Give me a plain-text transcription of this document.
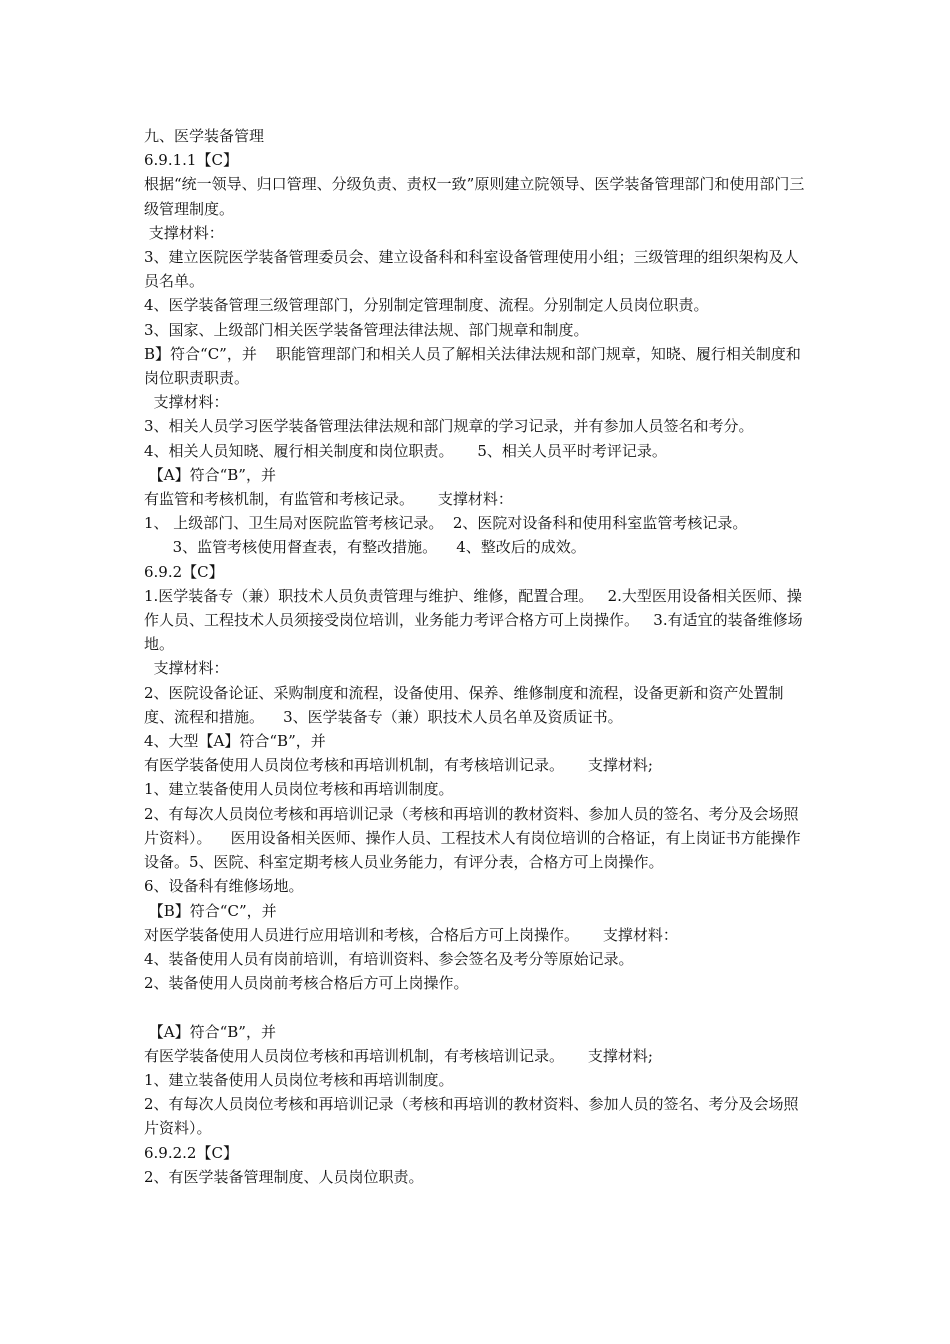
九、医学装备管理

6.9.1.1【C】

根据“统一领导、归口管理、分级负责、责权一致”原则建立院领导、医学装备管理部门和使用部门三级管理制度。

支撑材料：

3、建立医院医学装备管理委员会、建立设备科和科室设备管理使用小组；三级管理的组织架构及人员名单。

4、医学装备管理三级管理部门，分别制定管理制度、流程。分别制定人员岗位职责。

3、国家、上级部门相关医学装备管理法律法规、部门规章和制度。

B】符合“C”，并    职能管理部门和相关人员了解相关法律法规和部门规章，知晓、履行相关制度和岗位职责职责。

支撑材料：

3、相关人员学习医学装备管理法律法规和部门规章的学习记录，并有参加人员签名和考分。

4、相关人员知晓、履行相关制度和岗位职责。     5、相关人员平时考评记录。

【A】符合“B”，并

有监管和考核机制，有监管和考核记录。     支撑材料：

1、 上级部门、卫生局对医院监管考核记录。  2、医院对设备科和使用科室监管考核记录。

3、监管考核使用督查表，有整改措施。    4、整改后的成效。

6.9.2【C】

1.医学装备专（兼）职技术人员负责管理与维护、维修，配置合理。   2.大型医用设备相关医师、操作人员、工程技术人员须接受岗位培训，业务能力考评合格方可上岗操作。   3.有适宜的装备维修场地。

支撑材料：

2、医院设备论证、采购制度和流程，设备使用、保养、维修制度和流程，设备更新和资产处置制度、流程和措施。    3、医学装备专（兼）职技术人员名单及资质证书。

4、大型【A】符合“B”，并

有医学装备使用人员岗位考核和再培训机制，有考核培训记录。     支撑材料;

1、建立装备使用人员岗位考核和再培训制度。

2、有每次人员岗位考核和再培训记录（考核和再培训的教材资料、参加人员的签名、考分及会场照片资料）。    医用设备相关医师、操作人员、工程技术人有岗位培训的合格证，有上岗证书方能操作设备。5、医院、科室定期考核人员业务能力，有评分表，合格方可上岗操作。

6、设备科有维修场地。

【B】符合“C”，并

对医学装备使用人员进行应用培训和考核，合格后方可上岗操作。     支撑材料：

4、装备使用人员有岗前培训，有培训资料、参会签名及考分等原始记录。

2、装备使用人员岗前考核合格后方可上岗操作。

【A】符合“B”，并

有医学装备使用人员岗位考核和再培训机制，有考核培训记录。     支撑材料;

1、建立装备使用人员岗位考核和再培训制度。

2、有每次人员岗位考核和再培训记录（考核和再培训的教材资料、参加人员的签名、考分及会场照片资料）。

6.9.2.2【C】

2、有医学装备管理制度、人员岗位职责。
